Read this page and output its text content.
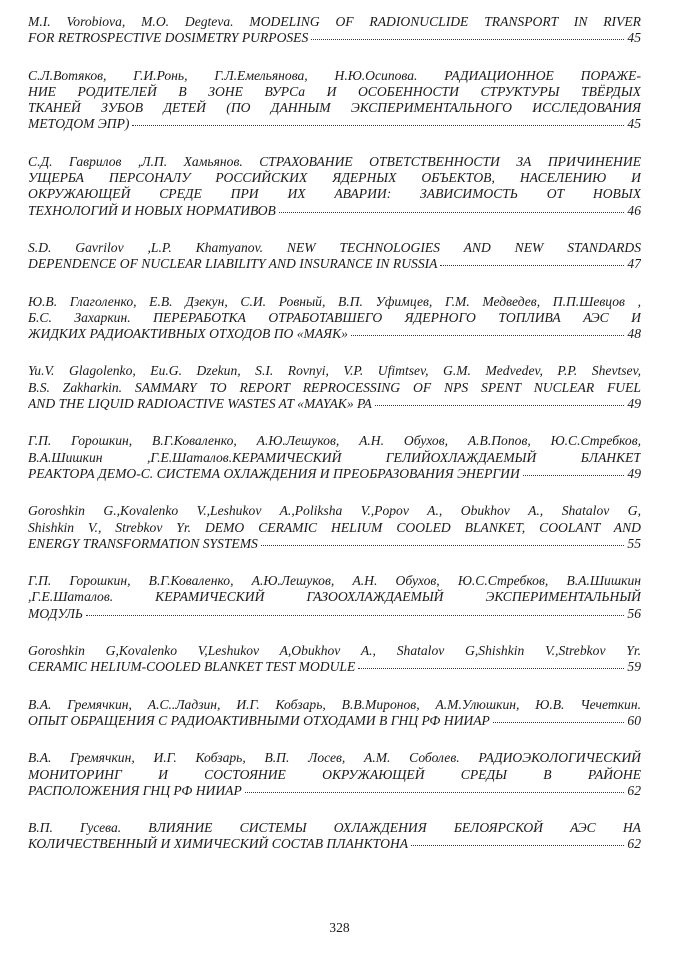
M.I. Vorobiova, M.O. Degteva. MODELING OF RADIONUCLIDE TRANSPORT IN RIVER
FOR RETROSPECTIVE DOSIMETRY PURPOSES	45
С.Л.Вотяков, Г.И.Ронь, Г.Л.Емельянова, Н.Ю.Осипова. РАДИАЦИОННОЕ ПОРАЖЕ-
НИЕ РОДИТЕЛЕЙ В ЗОНЕ ВУРСа И ОСОБЕННОСТИ СТРУКТУРЫ ТВЁРДЫХ
ТКАНЕЙ ЗУБОВ ДЕТЕЙ (ПО ДАННЫМ ЭКСПЕРИМЕНТАЛЬНОГО ИССЛЕДОВАНИЯ
МЕТОДОМ ЭПР)	45
С.Д. Гаврилов ,Л.П. Хамьянов. СТРАХОВАНИЕ ОТВЕТСТВЕННОСТИ ЗА ПРИЧИНЕНИЕ
УЩЕРБА ПЕРСОНАЛУ РОССИЙСКИХ ЯДЕРНЫХ ОБЪЕКТОВ, НАСЕЛЕНИЮ И
ОКРУЖАЮЩЕЙ СРЕДЕ ПРИ ИХ АВАРИИ: ЗАВИСИМОСТЬ ОТ НОВЫХ
ТЕХНОЛОГИЙ И НОВЫХ НОРМАТИВОВ	46
S.D. Gavrilov ,L.P. Khamyanov. NEW TECHNOLOGIES AND NEW STANDARDS
DEPENDENCE OF NUCLEAR LIABILITY AND INSURANCE IN RUSSIA	47
Ю.В. Глаголенко, Е.В. Дзекун, С.И. Ровный, В.П. Уфимцев, Г.М. Медведев, П.П.Шевцов ,
Б.С. Захаркин. ПЕРЕРАБОТКА ОТРАБОТАВШЕГО ЯДЕРНОГО ТОПЛИВА АЭС И
ЖИДКИХ РАДИОАКТИВНЫХ ОТХОДОВ ПО «МАЯК»	48
Yu.V. Glagolenko, Eu.G. Dzekun, S.I. Rovnyi, V.P. Ufimtsev, G.M. Medvedev, P.P. Shevtsev,
B.S. Zakharkin. SAMMARY TO REPORT REPROCESSING OF NPS SPENT NUCLEAR FUEL
AND THE LIQUID RADIOACTIVE WASTES AT «MAYAK» PA	49
Г.П. Горошкин, В.Г.Коваленко, А.Ю.Лешуков, А.Н. Обухов, А.В.Попов, Ю.С.Стребков,
В.А.Шишкин ,Г.Е.Шаталов.КЕРАМИЧЕСКИЙ ГЕЛИЙОХЛАЖДАЕМЫЙ БЛАНКЕТ
РЕАКТОРА ДЕМО-С. СИСТЕМА ОХЛАЖДЕНИЯ И ПРЕОБРАЗОВАНИЯ ЭНЕРГИИ	49
Goroshkin G.,Kovalenko V.,Leshukov A.,Poliksha V.,Popov A., Obukhov A., Shatalov G,
Shishkin V., Strebkov Yr. DEMO CERAMIC HELIUM COOLED BLANKET, COOLANT AND
ENERGY TRANSFORMATION SYSTEMS	55
Г.П. Горошкин, В.Г.Коваленко, А.Ю.Лешуков, А.Н. Обухов, Ю.С.Стребков, В.А.Шишкин
,Г.Е.Шаталов. КЕРАМИЧЕСКИЙ ГАЗООХЛАЖДАЕМЫЙ ЭКСПЕРИМЕНТАЛЬНЫЙ
МОДУЛЬ	56
Goroshkin G,Kovalenko V,Leshukov A,Obukhov A., Shatalov G,Shishkin V.,Strebkov Yr.
CERAMIC HELIUM-COOLED BLANKET TEST MODULE	59
В.А. Гремячкин, А.С..Ладзин, И.Г. Кобзарь, В.В.Миронов, А.М.Улюшкин, Ю.В. Чечеткин.
ОПЫТ ОБРАЩЕНИЯ С РАДИОАКТИВНЫМИ ОТХОДАМИ В ГНЦ РФ НИИАР	60
В.А. Гремячкин, И.Г. Кобзарь, В.П. Лосев, А.М. Соболев. РАДИОЭКОЛОГИЧЕСКИЙ
МОНИТОРИНГ И СОСТОЯНИЕ ОКРУЖАЮЩЕЙ СРЕДЫ В РАЙОНЕ
РАСПОЛОЖЕНИЯ ГНЦ РФ НИИАР	62
В.П. Гусева. ВЛИЯНИЕ СИСТЕМЫ ОХЛАЖДЕНИЯ БЕЛОЯРСКОЙ АЭС НА
КОЛИЧЕСТВЕННЫЙ И ХИМИЧЕСКИЙ СОСТАВ ПЛАНКТОНА	62
328
